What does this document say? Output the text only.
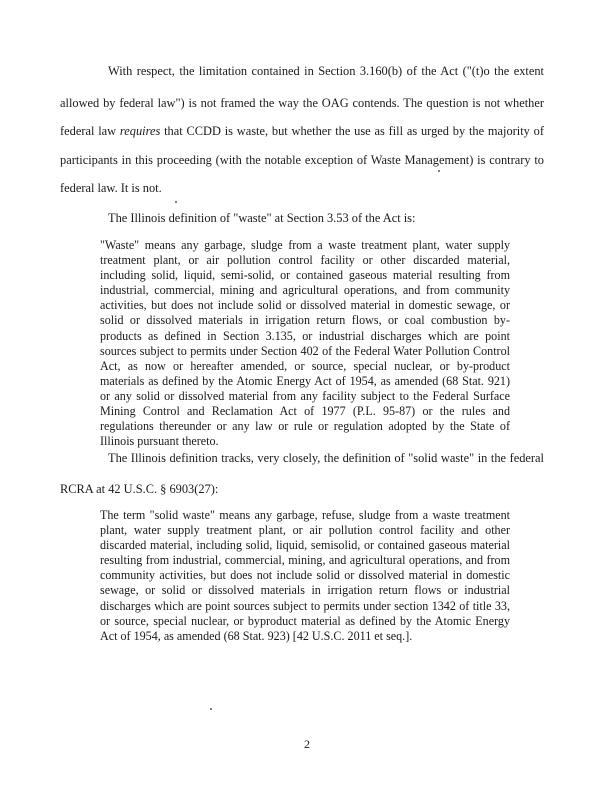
With respect, the limitation contained in Section 3.160(b) of the Act ("(t)o the extent
allowed by federal law") is not framed the way the OAG contends. The question is not whether
federal law requires that CCDD is waste, but whether the use as fill as urged by the majority of
participants in this proceeding (with the notable exception of Waste Management) is contrary to
federal law. It is not.
The Illinois definition of "waste" at Section 3.53 of the Act is:

"Waste" means any garbage, sludge from a waste treatment plant, water supply treatment plant, or air pollution control facility or other discarded material, including solid, liquid, semi-solid, or contained gaseous material resulting from industrial, commercial, mining and agricultural operations, and from community activities, but does not include solid or dissolved material in domestic sewage, or solid or dissolved materials in irrigation return flows, or coal combustion by-products as defined in Section 3.135, or industrial discharges which are point sources subject to permits under Section 402 of the Federal Water Pollution Control Act, as now or hereafter amended, or source, special nuclear, or by-product materials as defined by the Atomic Energy Act of 1954, as amended (68 Stat. 921) or any solid or dissolved material from any facility subject to the Federal Surface Mining Control and Reclamation Act of 1977 (P.L. 95-87) or the rules and regulations thereunder or any law or rule or regulation adopted by the State of Illinois pursuant thereto.

The Illinois definition tracks, very closely, the definition of "solid waste" in the federal
RCRA at 42 U.S.C. § 6903(27):

The term "solid waste" means any garbage, refuse, sludge from a waste treatment plant, water supply treatment plant, or air pollution control facility and other discarded material, including solid, liquid, semisolid, or contained gaseous material resulting from industrial, commercial, mining, and agricultural operations, and from community activities, but does not include solid or dissolved material in domestic sewage, or solid or dissolved materials in irrigation return flows or industrial discharges which are point sources subject to permits under section 1342 of title 33, or source, special nuclear, or byproduct material as defined by the Atomic Energy Act of 1954, as amended (68 Stat. 923) [42 U.S.C. 2011 et seq.].

2
